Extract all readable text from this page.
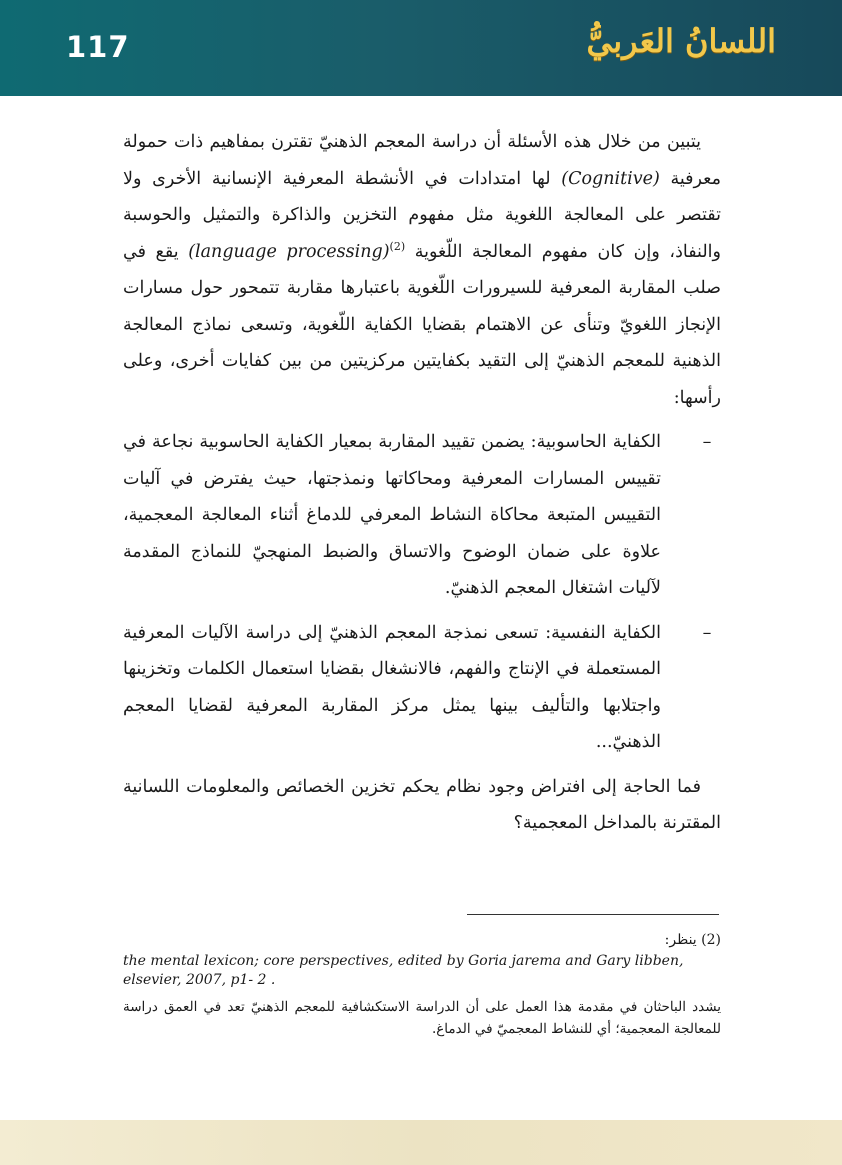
117	اللسانُ العَربيُّ

يتبين من خلال هذه الأسئلة أن دراسة المعجم الذهنيّ تقترن بمفاهيم ذات حمولة معرفية (Cognitive) لها امتدادات في الأنشطة المعرفية الإنسانية الأخرى ولا تقتصر على المعالجة اللغوية مثل مفهوم التخزين والذاكرة والتمثيل والحوسبة والنفاذ، وإن كان مفهوم المعالجة اللّغوية $^{(2)}$(language processing) يقع في صلب المقاربة المعرفية للسيرورات اللّغوية باعتبارها مقاربة تتمحور حول مسارات الإنجاز اللغويّ وتنأى عن الاهتمام بقضايا الكفاية اللّغوية، وتسعى نماذج المعالجة الذهنية للمعجم الذهنيّ إلى التقيد بكفايتين مركزيتين من بين كفايات أخرى، وعلى رأسها:

–
الكفاية الحاسوبية: يضمن تقييد المقاربة بمعيار الكفاية الحاسوبية نجاعة في تقييس المسارات المعرفية ومحاكاتها ونمذجتها، حيث يفترض في آليات التقييس المتبعة محاكاة النشاط المعرفي للدماغ أثناء المعالجة المعجمية، علاوة على ضمان الوضوح والاتساق والضبط المنهجيّ للنماذج المقدمة لآليات اشتغال المعجم الذهنيّ.
–
الكفاية النفسية: تسعى نمذجة المعجم الذهنيّ إلى دراسة الآليات المعرفية المستعملة في الإنتاج والفهم، فالانشغال بقضايا استعمال الكلمات وتخزينها واجتلابها والتأليف بينها يمثل مركز المقاربة المعرفية لقضايا المعجم الذهنيّ...

فما الحاجة إلى افتراض وجود نظام يحكم تخزين الخصائص والمعلومات اللسانية المقترنة بالمداخل المعجمية؟

(2) ينظر:
the mental lexicon; core perspectives, edited by Goria jarema and Gary libben, elsevier, 2007, p1- 2 .
يشدد الباحثان في مقدمة هذا العمل على أن الدراسة الاستكشافية للمعجم الذهنيّ تعد في العمق دراسة للمعالجة المعجمية؛ أي للنشاط المعجميّ في الدماغ.
